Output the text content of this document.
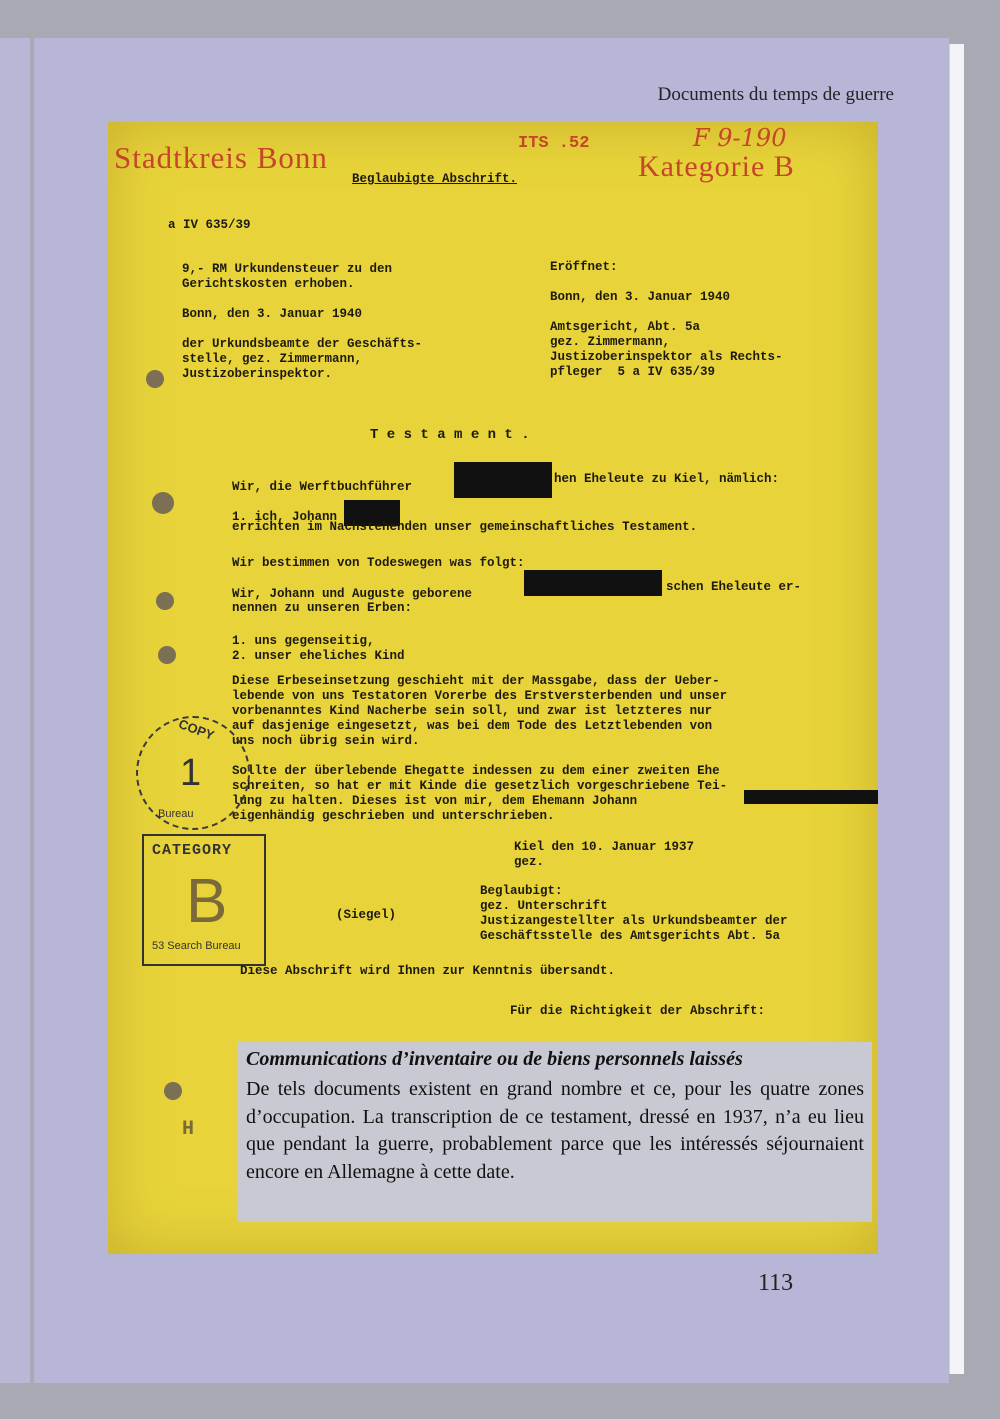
Documents du temps de guerre
Stadtkreis Bonn	ITS .52	F 9-190
Kategorie B
Beglaubigte Abschrift.
a IV 635/39
9,- RM Urkundensteuer zu den
Gerichtskosten erhoben.

Bonn, den 3. Januar 1940

der Urkundsbeamte der Geschäfts-
stelle, gez. Zimmermann,
Justizoberinspektor.
Eröffnet:

Bonn, den 3. Januar 1940

Amtsgericht, Abt. 5a
gez. Zimmermann,
Justizoberinspektor als Rechts-
pfleger  5 a IV 635/39
T e s t a m e n t .
Wir, die Werftbuchführer
hen Eheleute zu Kiel, nämlich:
1. ich, Johann
errichten im Nachstehenden unser gemeinschaftliches Testament.
Wir bestimmen von Todeswegen was folgt:
Wir, Johann und Auguste geborene	schen Eheleute er-
nennen zu unseren Erben:
1. uns gegenseitig,
2. unser eheliches Kind
Diese Erbeseinsetzung geschieht mit der Massgabe, dass der Ueber-
lebende von uns Testatoren Vorerbe des Erstversterbenden und unser
vorbenanntes Kind Nacherbe sein soll, und zwar ist letzteres nur
auf dasjenige eingesetzt, was bei dem Tode des Letztlebenden von
uns noch übrig sein wird.
Sollte der überlebende Ehegatte indessen zu dem einer zweiten Ehe
schreiten, so hat er mit Kinde die gesetzlich vorgeschriebene Tei-
lung zu halten. Dieses ist von mir, dem Ehemann Johann
eigenhändig geschrieben und unterschrieben.
Kiel den 10. Januar 1937
gez.
(Siegel)
Beglaubigt:
gez. Unterschrift
Justizangestellter als Urkundsbeamter der
Geschäftsstelle des Amtsgerichts Abt. 5a
Diese Abschrift wird Ihnen zur Kenntnis übersandt.
Für die Richtigkeit der Abschrift:
H
COPY
1
Bureau
CATEGORY
B
53 Search Bureau
Communications d’inventaire ou de biens personnels laissés
De tels documents existent en grand nombre et ce, pour les quatre zones d’occupation. La transcription de ce testament, dressé en 1937, n’a eu lieu que pendant la guerre, probablement parce que les intéressés séjournaient encore en Allemagne à cette date.
113
